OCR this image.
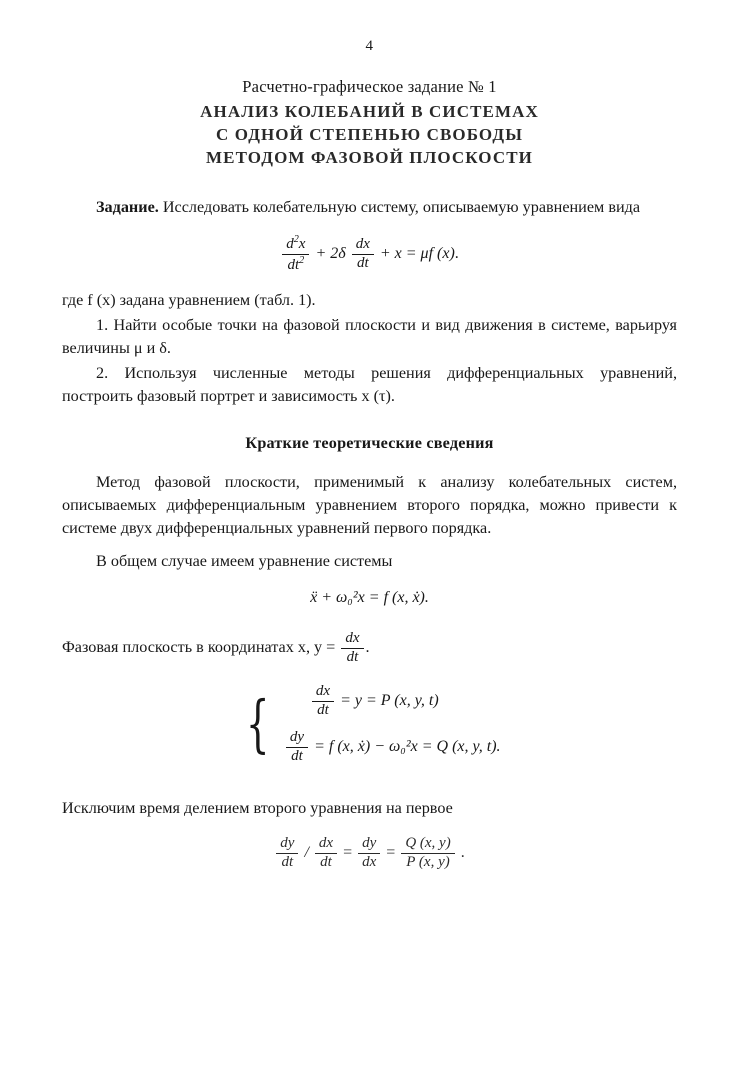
4
Расчетно-графическое задание № 1
АНАЛИЗ КОЛЕБАНИЙ В СИСТЕМАХ
С ОДНОЙ СТЕПЕНЬЮ СВОБОДЫ
МЕТОДОМ ФАЗОВОЙ ПЛОСКОСТИ

Задание. Исследовать колебательную систему, описываемую уравнением вида

$\frac{d^2x}{dt^2} + 2\delta \frac{dx}{dt} + x = \mu f$ (x).

где f (x) задана уравнением (табл. 1).

1. Найти особые точки на фазовой плоскости и вид движения в системе, варьируя величины μ и δ.

2. Используя численные методы решения дифференциальных уравнений, построить фазовый портрет и зависимость x (τ).

Краткие теоретические сведения

Метод фазовой плоскости, применимый к анализу колебательных систем, описываемых дифференциальным уравнением второго порядка, можно привести к системе двух дифференциальных уравнений первого порядка.

В общем случае имеем уравнение системы

ẍ + ω₀²x = f (x, ẋ).

Фазовая плоскость в координатах x, $y = \frac{dx}{dt}$ .

{	$\frac{dx}{dt} = y = P$ (x, y, t)
$\frac{dy}{dt} = f$ (x, ẋ) − ω₀²x = Q (x, y, t).

Исключим время делением второго уравнения на первое

$\frac{dy}{dt} / \frac{dx}{dt} = \frac{dy}{dx} = \frac{Q (x, y)}{P (x, y)}$ .
